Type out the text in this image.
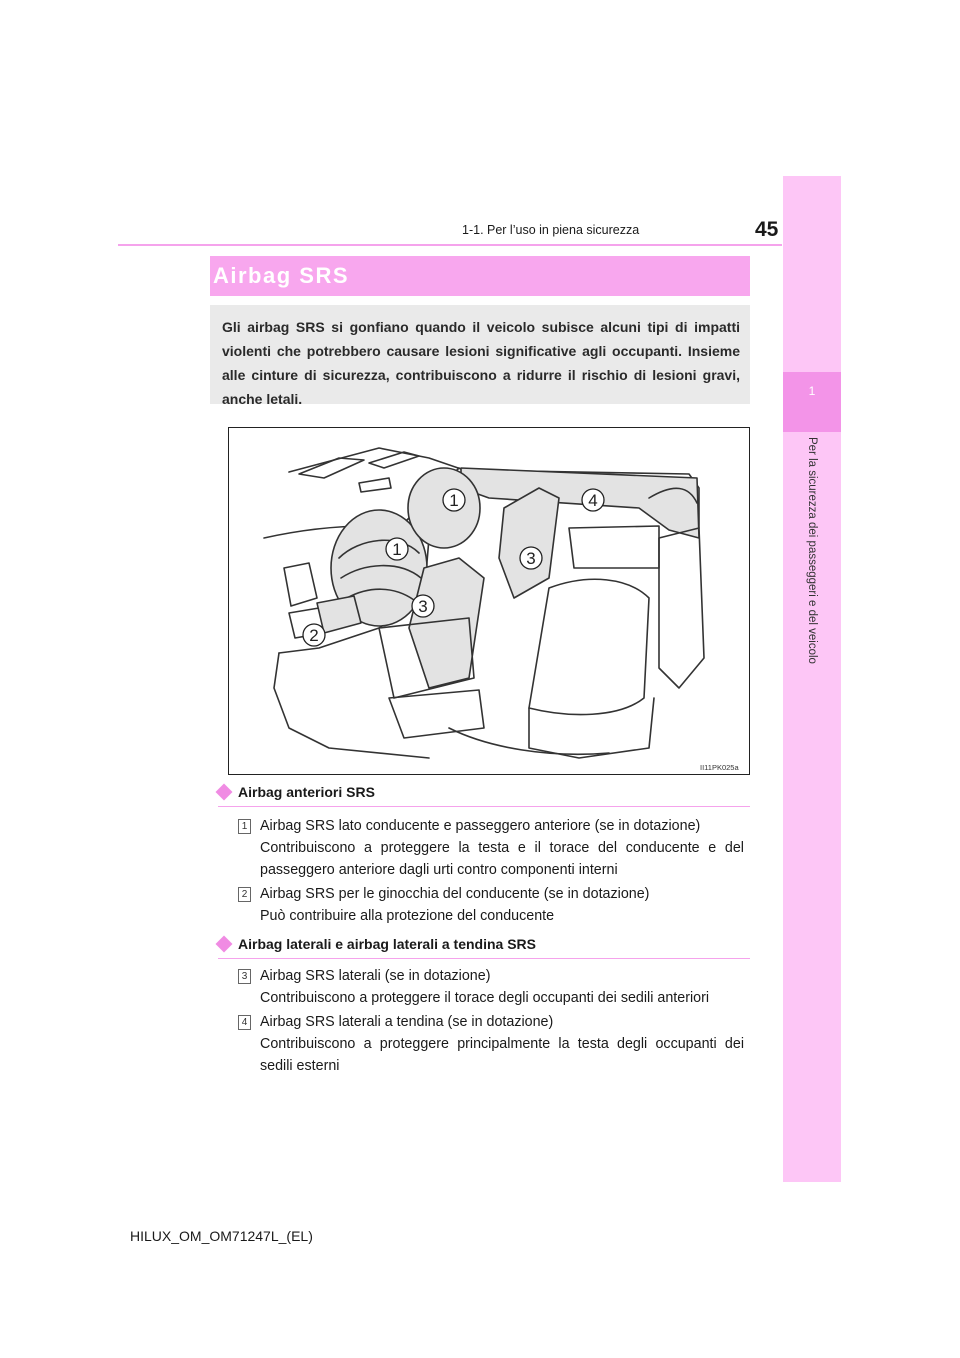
1-1. Per l’uso in piena sicurezza	45
1
Per la sicurezza dei passeggeri e del veicolo
Airbag SRS
Gli airbag SRS si gonfiano quando il veicolo subisce alcuni tipi di impatti violenti che potrebbero causare lesioni significative agli occupanti. Insieme alle cinture di sicurezza, contribuiscono a ridurre il rischio di lesioni gravi, anche letali.
1
1
2
3
3
4
II11PK025a
Airbag anteriori SRS
1 Airbag SRS lato conducente e passeggero anteriore (se in dotazione)
Contribuiscono a proteggere la testa e il torace del conducente e del passeggero anteriore dagli urti contro componenti interni
2 Airbag SRS per le ginocchia del conducente (se in dotazione)
Può contribuire alla protezione del conducente
Airbag laterali e airbag laterali a tendina SRS
3 Airbag SRS laterali (se in dotazione)
Contribuiscono a proteggere il torace degli occupanti dei sedili anteriori
4 Airbag SRS laterali a tendina (se in dotazione)
Contribuiscono a proteggere principalmente la testa degli occupanti dei sedili esterni
HILUX_OM_OM71247L_(EL)
